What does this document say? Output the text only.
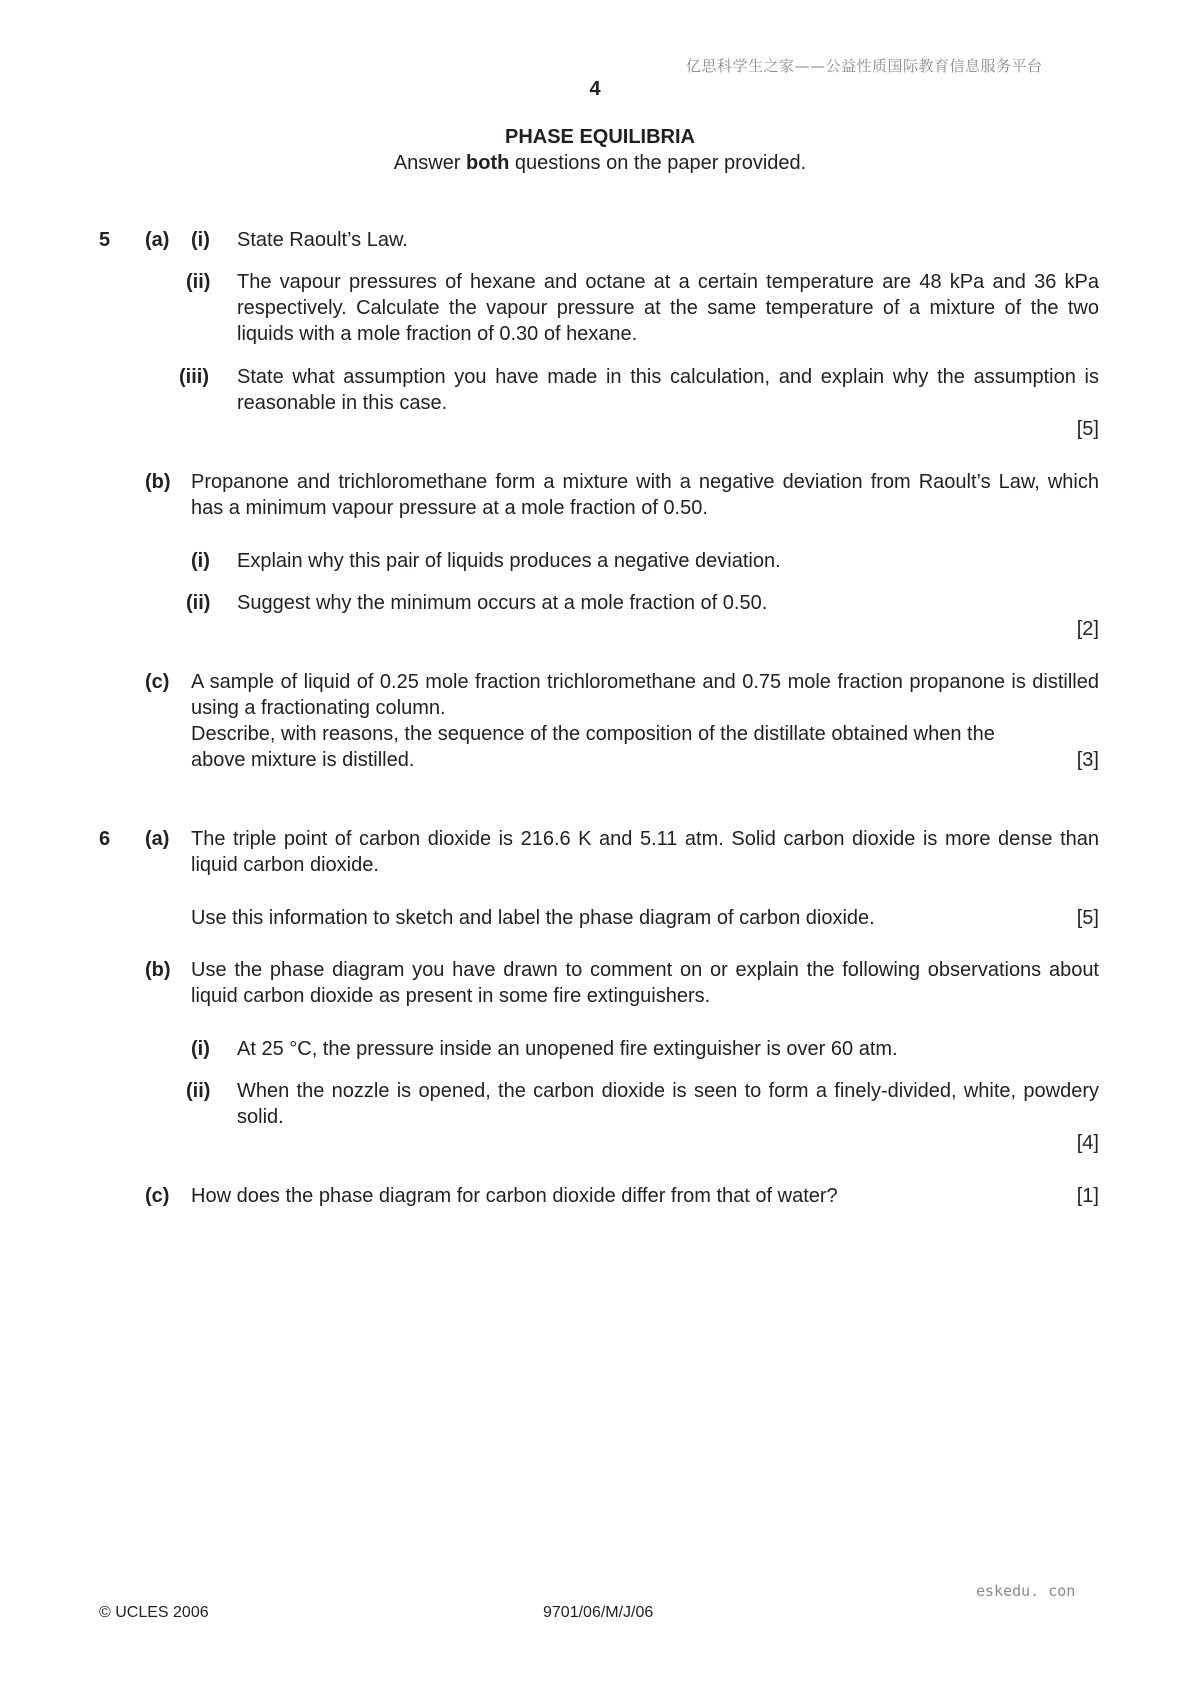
亿思科学生之家——公益性质国际教育信息服务平台
4
PHASE EQUILIBRIA
Answer both questions on the paper provided.
5 (a) (i) State Raoult’s Law.
(ii) The vapour pressures of hexane and octane at a certain temperature are 48 kPa and 36 kPa respectively. Calculate the vapour pressure at the same temperature of a mixture of the two liquids with a mole fraction of 0.30 of hexane.
(iii) State what assumption you have made in this calculation, and explain why the assumption is reasonable in this case.
[5]
(b) Propanone and trichloromethane form a mixture with a negative deviation from Raoult’s Law, which has a minimum vapour pressure at a mole fraction of 0.50.
(i) Explain why this pair of liquids produces a negative deviation.
(ii) Suggest why the minimum occurs at a mole fraction of 0.50.
[2]
(c) A sample of liquid of 0.25 mole fraction trichloromethane and 0.75 mole fraction propanone is distilled using a fractionating column.
Describe, with reasons, the sequence of the composition of the distillate obtained when the above mixture is distilled.	[3]
6 (a) The triple point of carbon dioxide is 216.6 K and 5.11 atm. Solid carbon dioxide is more dense than liquid carbon dioxide.
Use this information to sketch and label the phase diagram of carbon dioxide.	[5]
(b) Use the phase diagram you have drawn to comment on or explain the following observations about liquid carbon dioxide as present in some fire extinguishers.
(i) At 25 °C, the pressure inside an unopened fire extinguisher is over 60 atm.
(ii) When the nozzle is opened, the carbon dioxide is seen to form a finely-divided, white, powdery solid.
[4]
(c) How does the phase diagram for carbon dioxide differ from that of water?	[1]
eskedu. con
© UCLES 2006	9701/06/M/J/06
